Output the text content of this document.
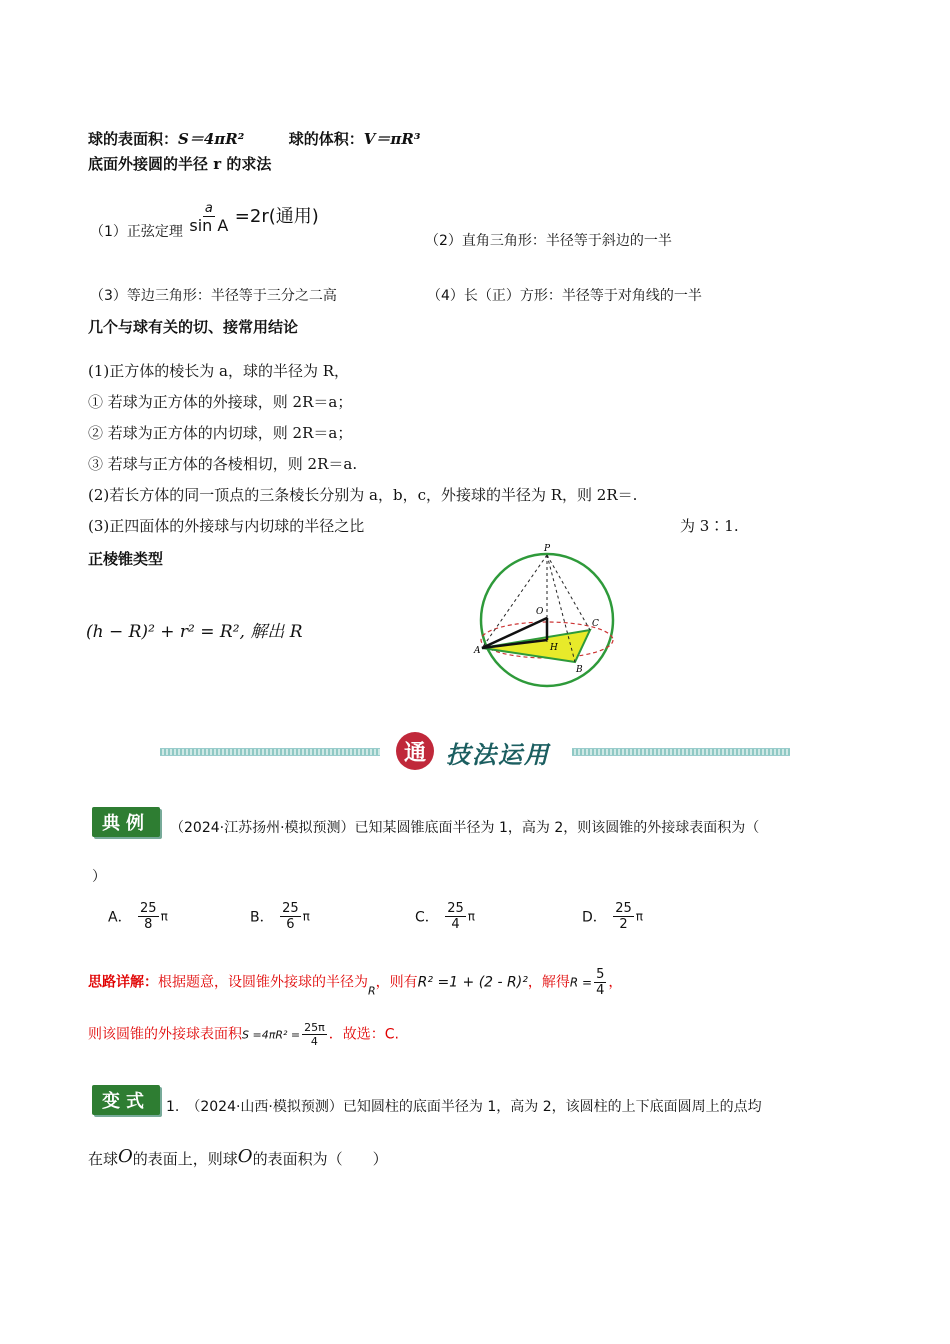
球的表面积：S＝4πR²	球的体积：V＝πR³
底面外接圆的半径 r 的求法
（1）正弦定理 $\frac{a}{\text{sin A}} =2r$(通用)
（2）直角三角形：半径等于斜边的一半
（3）等边三角形：半径等于三分之二高	（4）长（正）方形：半径等于对角线的一半
几个与球有关的切、接常用结论
(1)正方体的棱长为 a，球的半径为 R，
① 若球为正方体的外接球，则 2R＝a；
② 若球为正方体的内切球，则 2R＝a；
③ 若球与正方体的各棱相切，则 2R＝a.
(2)若长方体的同一顶点的三条棱长分别为 a，b，c，外接球的半径为 R，则 2R＝.
(3)正四面体的外接球与内切球的半径之比	为 3∶1.
正棱锥类型
(h − R)² + r² = R², 解出 R
P
O
C
A	H
B
通 技法运用
典例	（2024·江苏扬州·模拟预测）已知某圆锥底面半径为 1，高为 2，则该圆锥的外接球表面积为（
）
A． $\frac{25}{8}$ π	B． $\frac{25}{6}$ π	C． $\frac{25}{4}$ π	D． $\frac{25}{2}$ π
思路详解：根据题意，设圆锥外接球的半径为$_R$，则有R² =1 + (2 - R)²，解得$R = \frac{5}{4}$ ，
则该圆锥的外接球表面积$S =4\pi R^2 = \frac{25\pi}{4}$ ．故选：C.
变式	1.　（2024·山西·模拟预测）已知圆柱的底面半径为 1，高为 2，该圆柱的上下底面圆周上的点均
在球O的表面上，则球O的表面积为（　　）
